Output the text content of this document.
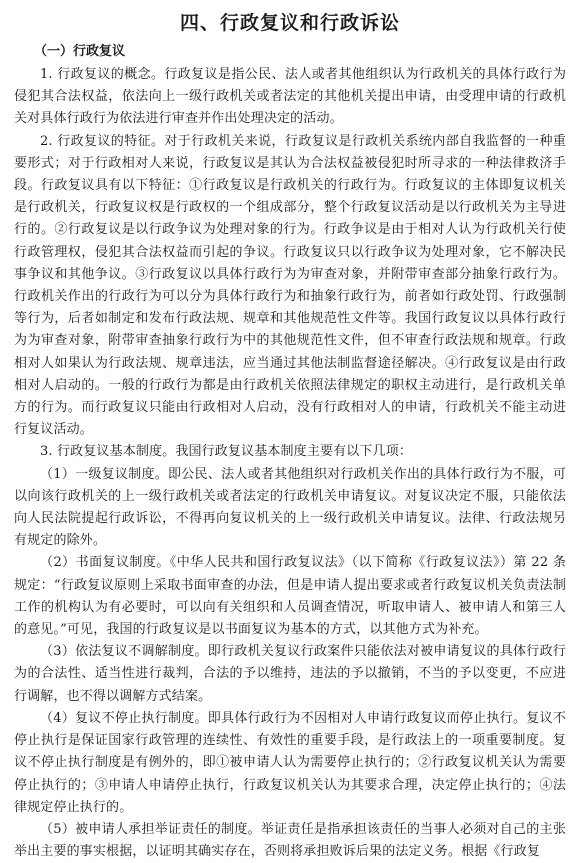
四、行政复议和行政诉讼
（一）行政复议

1. 行政复议的概念。行政复议是指公民、法人或者其他组织认为行政机关的具体行政行为侵犯其合法权益，依法向上一级行政机关或者法定的其他机关提出申请，由受理申请的行政机关对具体行政行为依法进行审查并作出处理决定的活动。

2. 行政复议的特征。对于行政机关来说，行政复议是行政机关系统内部自我监督的一种重要形式；对于行政相对人来说，行政复议是其认为合法权益被侵犯时所寻求的一种法律救济手段。行政复议具有以下特征：①行政复议是行政机关的行政行为。行政复议的主体即复议机关是行政机关，行政复议权是行政权的一个组成部分，整个行政复议活动是以行政机关为主导进行的。②行政复议是以行政争议为处理对象的行为。行政争议是由于相对人认为行政机关行使行政管理权，侵犯其合法权益而引起的争议。行政复议只以行政争议为处理对象，它不解决民事争议和其他争议。③行政复议以具体行政行为为审查对象，并附带审查部分抽象行政行为。行政机关作出的行政行为可以分为具体行政行为和抽象行政行为，前者如行政处罚、行政强制等行为，后者如制定和发布行政法规、规章和其他规范性文件等。我国行政复议以具体行政行为为审查对象，附带审查抽象行政行为中的其他规范性文件，但不审查行政法规和规章。行政相对人如果认为行政法规、规章违法，应当通过其他法制监督途径解决。④行政复议是由行政相对人启动的。一般的行政行为都是由行政机关依照法律规定的职权主动进行，是行政机关单方的行为。而行政复议只能由行政相对人启动，没有行政相对人的申请，行政机关不能主动进行复议活动。

3. 行政复议基本制度。我国行政复议基本制度主要有以下几项：

（1）一级复议制度。即公民、法人或者其他组织对行政机关作出的具体行政行为不服，可以向该行政机关的上一级行政机关或者法定的行政机关申请复议。对复议决定不服，只能依法向人民法院提起行政诉讼，不得再向复议机关的上一级行政机关申请复议。法律、行政法规另有规定的除外。

（2）书面复议制度。《中华人民共和国行政复议法》（以下简称《行政复议法》）第 22 条规定：“行政复议原则上采取书面审查的办法，但是申请人提出要求或者行政复议机关负责法制工作的机构认为有必要时，可以向有关组织和人员调查情况，听取申请人、被申请人和第三人的意见。”可见，我国的行政复议是以书面复议为基本的方式，以其他方式为补充。

（3）依法复议不调解制度。即行政机关复议行政案件只能依法对被申请复议的具体行政行为的合法性、适当性进行裁判，合法的予以维持，违法的予以撤销，不当的予以变更，不应进行调解，也不得以调解方式结案。

（4）复议不停止执行制度。即具体行政行为不因相对人申请行政复议而停止执行。复议不停止执行是保证国家行政管理的连续性、有效性的重要手段，是行政法上的一项重要制度。复议不停止执行制度是有例外的，即①被申请人认为需要停止执行的；②行政复议机关认为需要停止执行的；③申请人申请停止执行，行政复议机关认为其要求合理，决定停止执行的；④法律规定停止执行的。

（5）被申请人承担举证责任的制度。举证责任是指承担该责任的当事人必须对自己的主张举出主要的事实根据，以证明其确实存在，否则将承担败诉后果的法定义务。根据《行政复
